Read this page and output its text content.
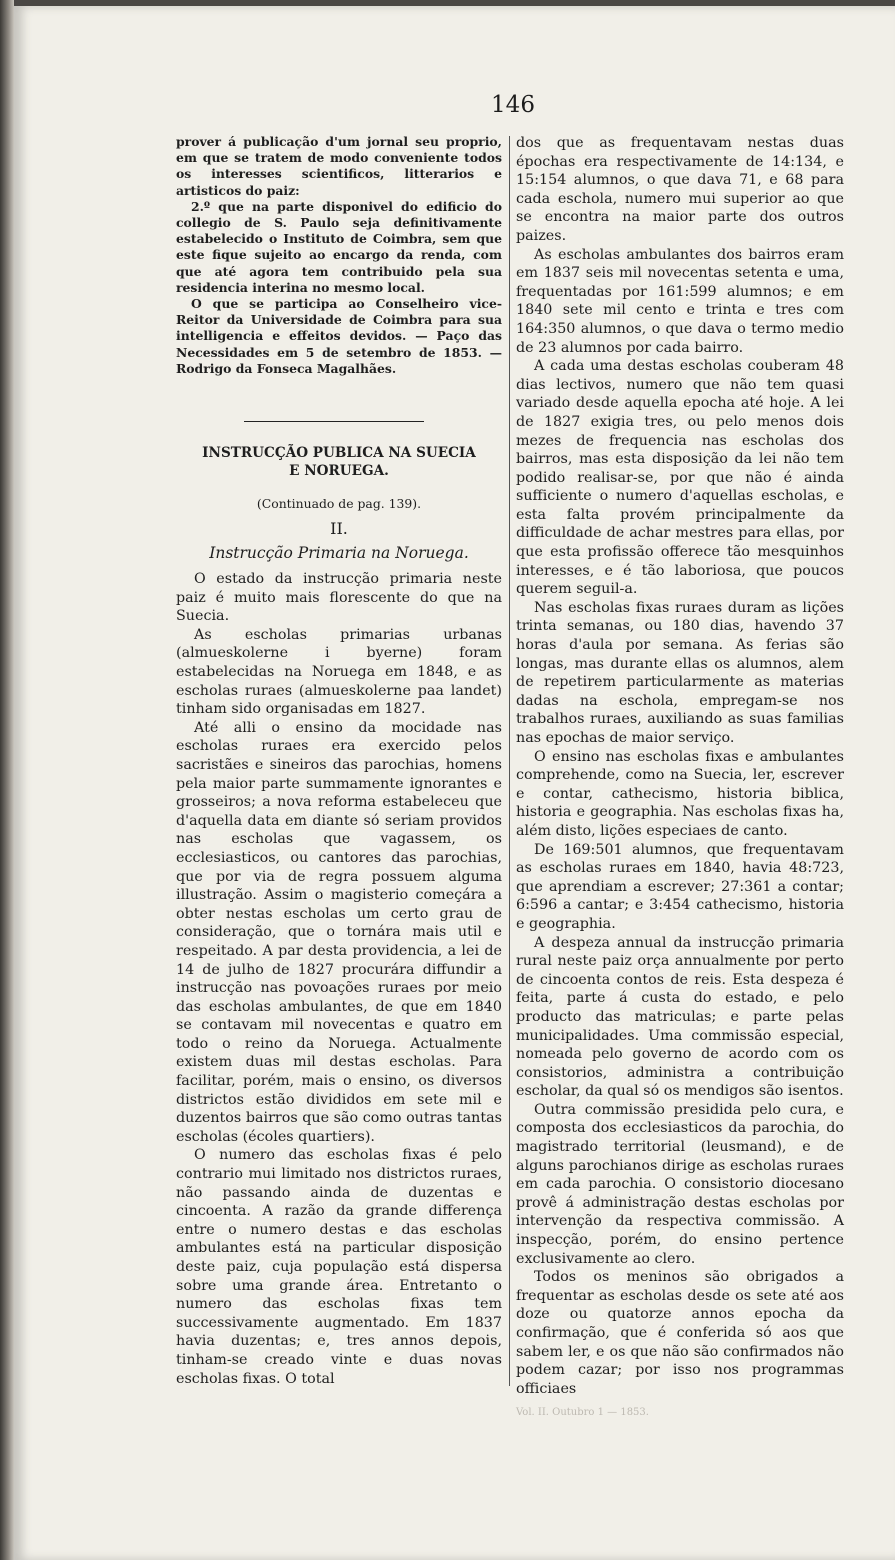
146

prover á publicação d'um jornal seu proprio, em que se tratem de modo conveniente todos os interesses scientificos, litterarios e artisticos do paiz:

2.º que na parte disponivel do edificio do collegio de S. Paulo seja definitivamente estabelecido o Instituto de Coimbra, sem que este fique sujeito ao encargo da renda, com que até agora tem contribuido pela sua residencia interina no mesmo local.

O que se participa ao Conselheiro vice-Reitor da Universidade de Coimbra para sua intelligencia e effeitos devidos. — Paço das Necessidades em 5 de setembro de 1853. — Rodrigo da Fonseca Magalhães.

INSTRUCÇÃO PUBLICA NA SUECIA

E NORUEGA.

(Continuado de pag. 139).

II.

Instrucção Primaria na Noruega.

O estado da instrucção primaria neste paiz é muito mais florescente do que na Suecia.

As escholas primarias urbanas (almueskolerne i byerne) foram estabelecidas na Noruega em 1848, e as escholas ruraes (almueskolerne paa landet) tinham sido organisadas em 1827.

Até alli o ensino da mocidade nas escholas ruraes era exercido pelos sacristães e sineiros das parochias, homens pela maior parte summamente ignorantes e grosseiros; a nova reforma estabeleceu que d'aquella data em diante só seriam providos nas escholas que vagassem, os ecclesiasticos, ou cantores das parochias, que por via de regra possuem alguma illustração. Assim o magisterio começára a obter nestas escholas um certo grau de consideração, que o tornára mais util e respeitado. A par desta providencia, a lei de 14 de julho de 1827 procurára diffundir a instrucção nas povoações ruraes por meio das escholas ambulantes, de que em 1840 se contavam mil novecentas e quatro em todo o reino da Noruega. Actualmente existem duas mil destas escholas. Para facilitar, porém, mais o ensino, os diversos districtos estão divididos em sete mil e duzentos bairros que são como outras tantas escholas (écoles quartiers).

O numero das escholas fixas é pelo contrario mui limitado nos districtos ruraes, não passando ainda de duzentas e cincoenta. A razão da grande differença entre o numero destas e das escholas ambulantes está na particular disposição deste paiz, cuja população está dispersa sobre uma grande área. Entretanto o numero das escholas fixas tem successivamente augmentado. Em 1837 havia duzentas; e, tres annos depois, tinham-se creado vinte e duas novas escholas fixas. O total

dos que as frequentavam nestas duas épochas era respectivamente de 14:134, e 15:154 alumnos, o que dava 71, e 68 para cada eschola, numero mui superior ao que se encontra na maior parte dos outros paizes.

As escholas ambulantes dos bairros eram em 1837 seis mil novecentas setenta e uma, frequentadas por 161:599 alumnos; e em 1840 sete mil cento e trinta e tres com 164:350 alumnos, o que dava o termo medio de 23 alumnos por cada bairro.

A cada uma destas escholas couberam 48 dias lectivos, numero que não tem quasi variado desde aquella epocha até hoje. A lei de 1827 exigia tres, ou pelo menos dois mezes de frequencia nas escholas dos bairros, mas esta disposição da lei não tem podido realisar-se, por que não é ainda sufficiente o numero d'aquellas escholas, e esta falta provém principalmente da difficuldade de achar mestres para ellas, por que esta profissão offerece tão mesquinhos interesses, e é tão laboriosa, que poucos querem seguil-a.

Nas escholas fixas ruraes duram as lições trinta semanas, ou 180 dias, havendo 37 horas d'aula por semana. As ferias são longas, mas durante ellas os alumnos, alem de repetirem particularmente as materias dadas na eschola, empregam-se nos trabalhos ruraes, auxiliando as suas familias nas epochas de maior serviço.

O ensino nas escholas fixas e ambulantes comprehende, como na Suecia, ler, escrever e contar, cathecismo, historia biblica, historia e geographia. Nas escholas fixas ha, além disto, lições especiaes de canto.

De 169:501 alumnos, que frequentavam as escholas ruraes em 1840, havia 48:723, que aprendiam a escrever; 27:361 a contar; 6:596 a cantar; e 3:454 cathecismo, historia e geographia.

A despeza annual da instrucção primaria rural neste paiz orça annualmente por perto de cincoenta contos de reis. Esta despeza é feita, parte á custa do estado, e pelo producto das matriculas; e parte pelas municipalidades. Uma commissão especial, nomeada pelo governo de acordo com os consistorios, administra a contribuição escholar, da qual só os mendigos são isentos.

Outra commissão presidida pelo cura, e composta dos ecclesiasticos da parochia, do magistrado territorial (leusmand), e de alguns parochianos dirige as escholas ruraes em cada parochia. O consistorio diocesano provê á administração destas escholas por intervenção da respectiva commissão. A inspecção, porém, do ensino pertence exclusivamente ao clero.

Todos os meninos são obrigados a frequentar as escholas desde os sete até aos doze ou quatorze annos epocha da confirmação, que é conferida só aos que sabem ler, e os que não são confirmados não podem cazar; por isso nos programmas officiaes

Vol. II. Outubro 1 — 1853.
